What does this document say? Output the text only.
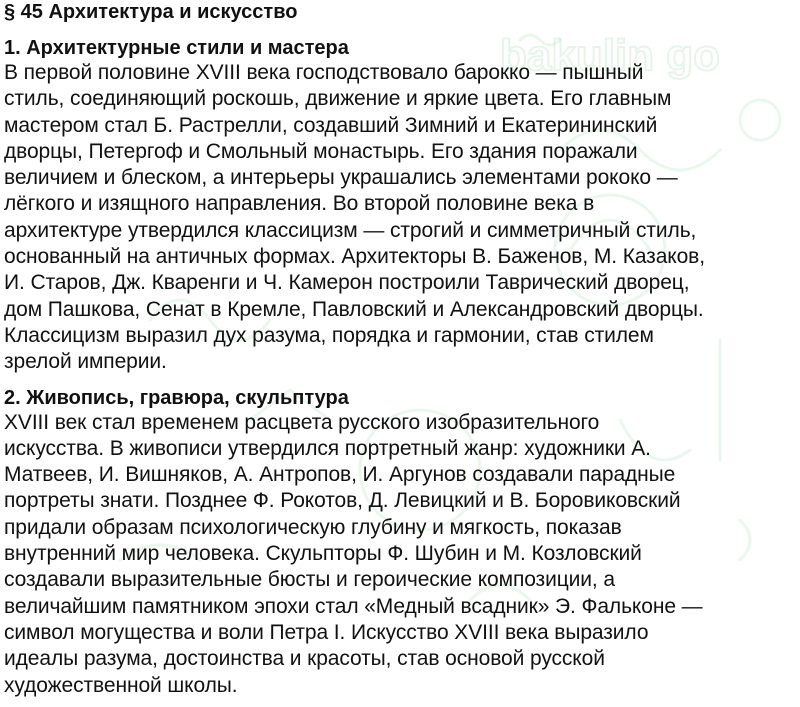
bakulin go
§ 45 Архитектура и искусство
1. Архитектурные стили и мастера

В первой половине XVIII века господствовало барокко — пышный
стиль, соединяющий роскошь, движение и яркие цвета. Его главным
мастером стал Б. Растрелли, создавший Зимний и Екатерининский
дворцы, Петергоф и Смольный монастырь. Его здания поражали
величием и блеском, а интерьеры украшались элементами рококо —
лёгкого и изящного направления. Во второй половине века в
архитектуре утвердился классицизм — строгий и симметричный стиль,
основанный на античных формах. Архитекторы В. Баженов, М. Казаков,
И. Старов, Дж. Кваренги и Ч. Камерон построили Таврический дворец,
дом Пашкова, Сенат в Кремле, Павловский и Александровский дворцы.
Классицизм выразил дух разума, порядка и гармонии, став стилем
зрелой империи.

2. Живопись, гравюра, скульптура

XVIII век стал временем расцвета русского изобразительного
искусства. В живописи утвердился портретный жанр: художники А.
Матвеев, И. Вишняков, А. Антропов, И. Аргунов создавали парадные
портреты знати. Позднее Ф. Рокотов, Д. Левицкий и В. Боровиковский
придали образам психологическую глубину и мягкость, показав
внутренний мир человека. Скульпторы Ф. Шубин и М. Козловский
создавали выразительные бюсты и героические композиции, а
величайшим памятником эпохи стал «Медный всадник» Э. Фальконе —
символ могущества и воли Петра I. Искусство XVIII века выразило
идеалы разума, достоинства и красоты, став основой русской
художественной школы.
